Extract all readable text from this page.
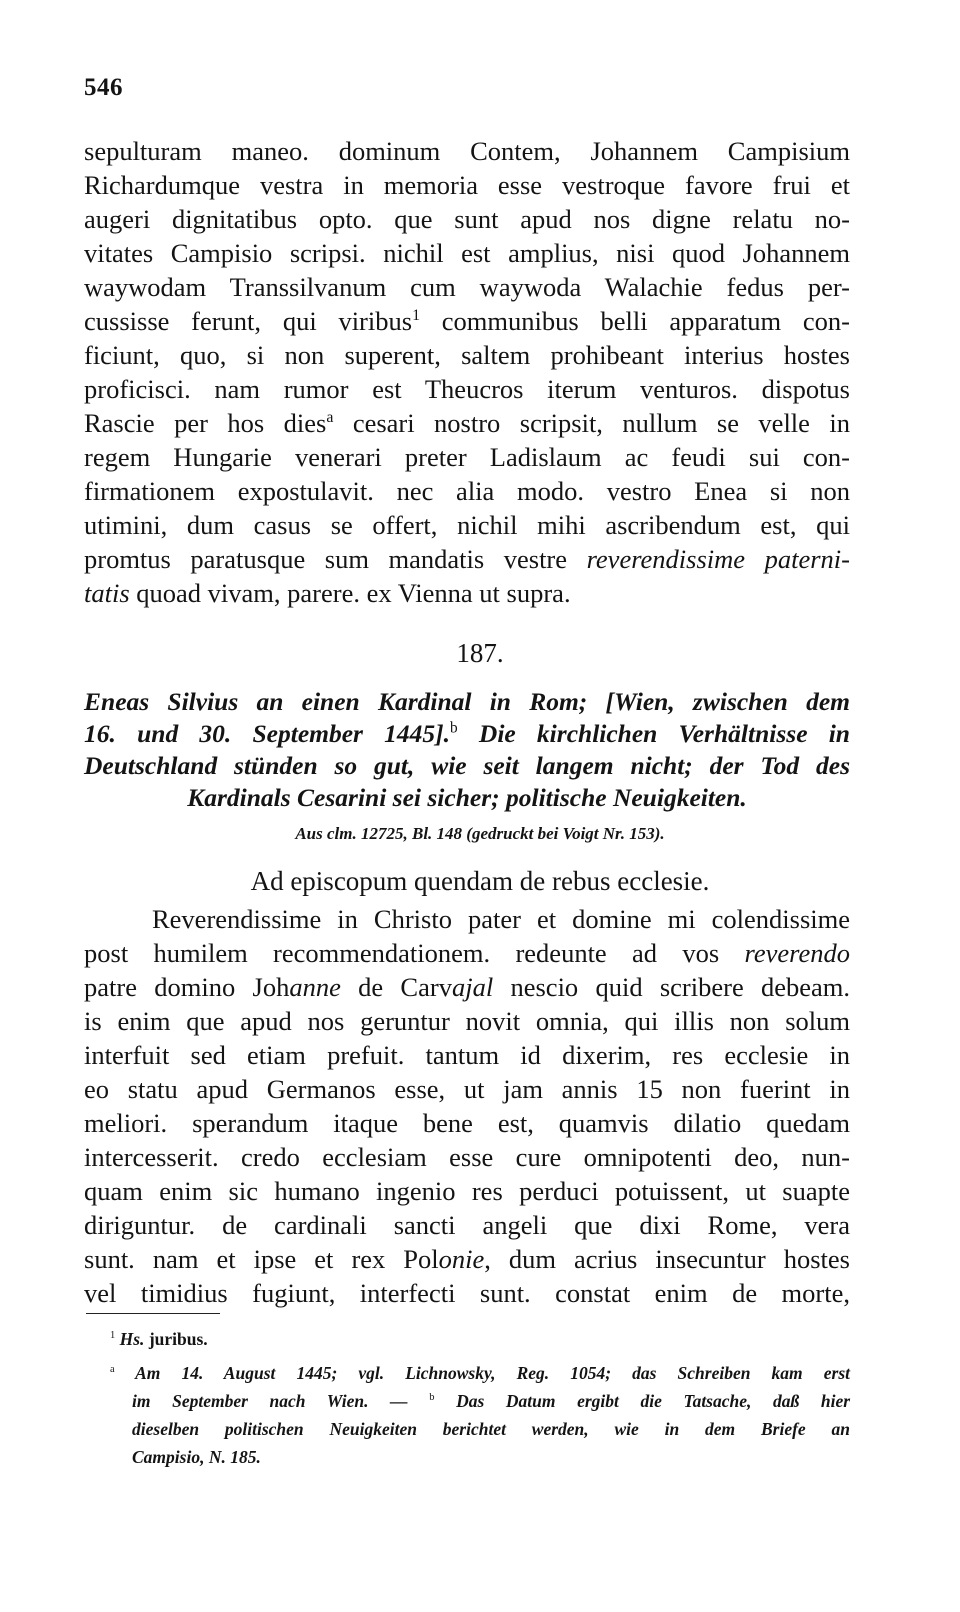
546
sepulturam maneo. dominum Contem, Johannem Campisium
Richardumque vestra in memoria esse vestroque favore frui et
augeri dignitatibus opto. que sunt apud nos digne relatu no-
vitates Campisio scripsi. nichil est amplius, nisi quod Johannem
waywodam Transsilvanum cum waywoda Walachie fedus per-
cussisse ferunt, qui viribus$^1$ communibus belli apparatum con-
ficiunt, quo, si non superent, saltem prohibeant interius hostes
proficisci. nam rumor est Theucros iterum venturos. dispotus
Rascie per hos dies$^a$ cesari nostro scripsit, nullum se velle in
regem Hungarie venerari preter Ladislaum ac feudi sui con-
firmationem expostulavit. nec alia modo. vestro Enea si non
utimini, dum casus se offert, nichil mihi ascribendum est, qui
promtus paratusque sum mandatis vestre reverendissime paterni-
tatis quoad vivam, parere. ex Vienna ut supra.
187.
Eneas Silvius an einen Kardinal in Rom; [Wien, zwischen dem
16. und 30. September 1445].$^b$ Die kirchlichen Verhältnisse in
Deutschland stünden so gut, wie seit langem nicht; der Tod des
Kardinals Cesarini sei sicher; politische Neuigkeiten.
Aus clm. 12725, Bl. 148 (gedruckt bei Voigt Nr. 153).
Ad episcopum quendam de rebus ecclesie.
Reverendissime in Christo pater et domine mi colendissime
post humilem recommendationem. redeunte ad vos reverendo
patre domino Johanne de Carvajal nescio quid scribere debeam.
is enim que apud nos geruntur novit omnia, qui illis non solum
interfuit sed etiam prefuit. tantum id dixerim, res ecclesie in
eo statu apud Germanos esse, ut jam annis 15 non fuerint in
meliori. sperandum itaque bene est, quamvis dilatio quedam
intercesserit. credo ecclesiam esse cure omnipotenti deo, nun-
quam enim sic humano ingenio res perduci potuissent, ut suapte
diriguntur. de cardinali sancti angeli que dixi Rome, vera
sunt. nam et ipse et rex Polonie, dum acrius insecuntur hostes
vel timidius fugiunt, interfecti sunt. constat enim de morte,
$^1$ Hs. juribus.
$^a$ Am 14. August 1445; vgl. Lichnowsky, Reg. 1054; das Schreiben kam erst
im September nach Wien. — $^b$ Das Datum ergibt die Tatsache, daß hier
dieselben politischen Neuigkeiten berichtet werden, wie in dem Briefe an
Campisio, N. 185.
